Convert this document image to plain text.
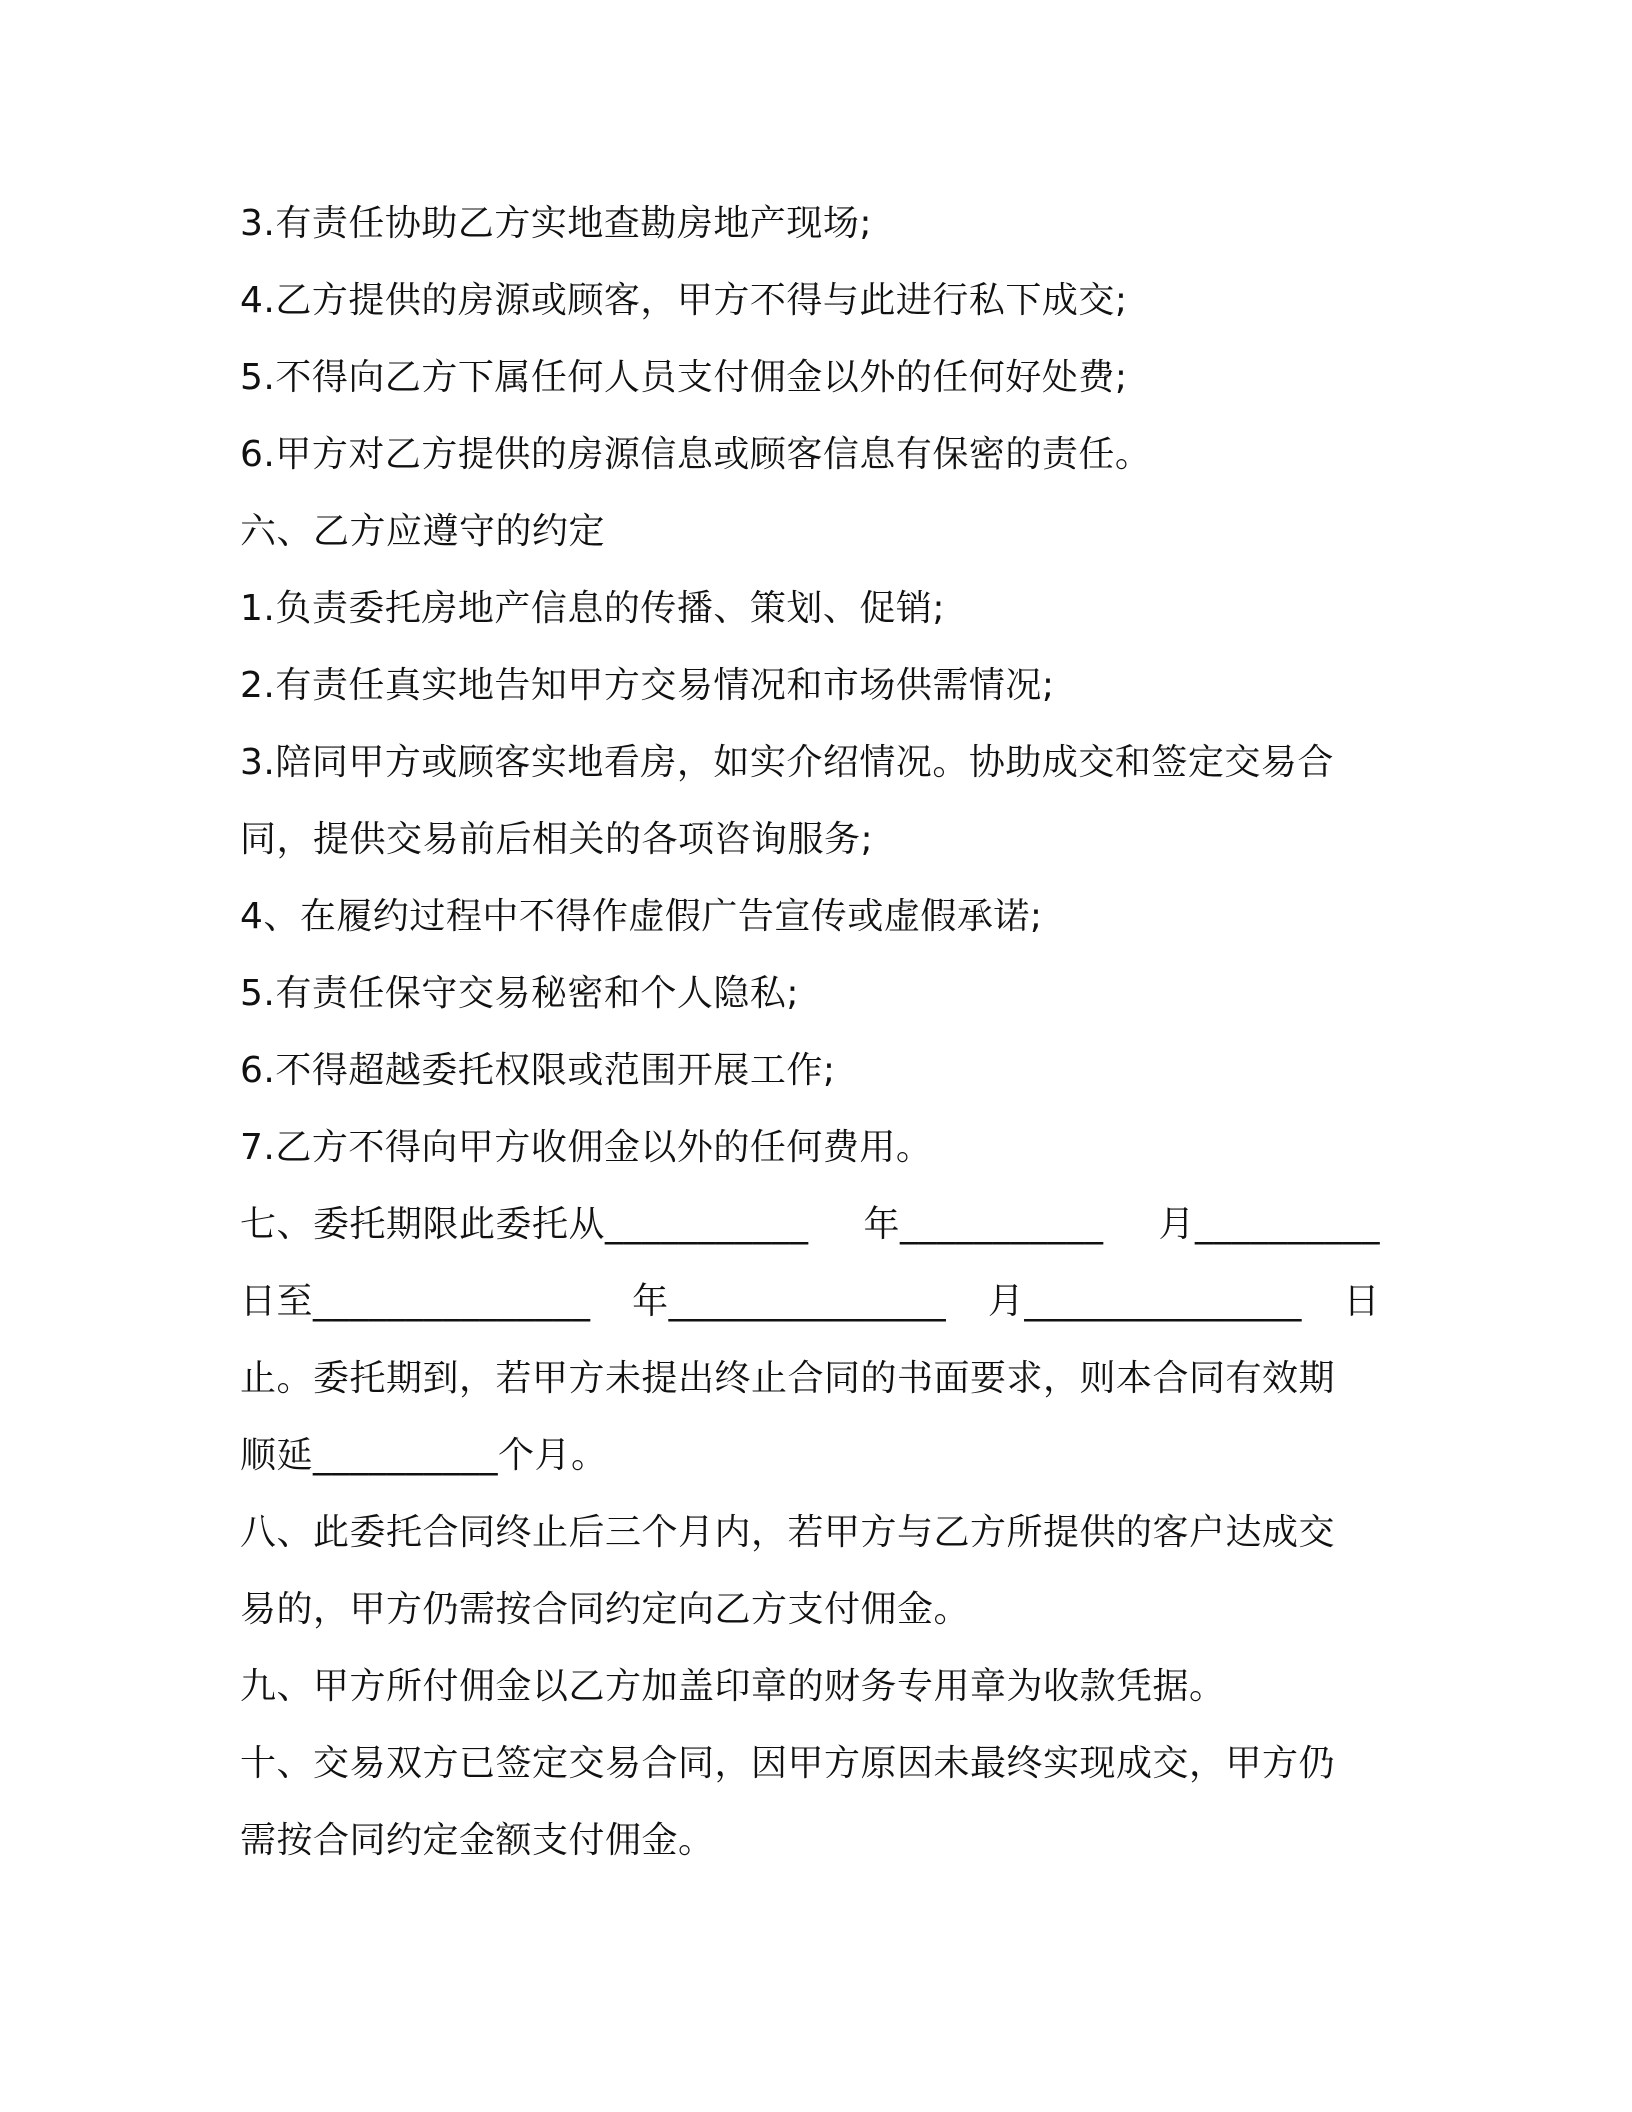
3.有责任协助乙方实地查勘房地产现场;
4.乙方提供的房源或顾客，甲方不得与此进行私下成交;
5.不得向乙方下属任何人员支付佣金以外的任何好处费;
6.甲方对乙方提供的房源信息或顾客信息有保密的责任。
六、乙方应遵守的约定
1.负责委托房地产信息的传播、策划、促销;
2.有责任真实地告知甲方交易情况和市场供需情况;
3.陪同甲方或顾客实地看房，如实介绍情况。协助成交和签定交易合
同，提供交易前后相关的各项咨询服务;
4、在履约过程中不得作虚假广告宣传或虚假承诺;
5.有责任保守交易秘密和个人隐私;
6.不得超越委托权限或范围开展工作;
7.乙方不得向甲方收佣金以外的任何费用。
七、委托期限此委托从___________ 年___________ 月__________
日至_______________ 年_______________ 月_______________ 日
止。委托期到，若甲方未提出终止合同的书面要求，则本合同有效期
顺延__________个月。
八、此委托合同终止后三个月内，若甲方与乙方所提供的客户达成交
易的，甲方仍需按合同约定向乙方支付佣金。
九、甲方所付佣金以乙方加盖印章的财务专用章为收款凭据。
十、交易双方已签定交易合同，因甲方原因未最终实现成交，甲方仍
需按合同约定金额支付佣金。
